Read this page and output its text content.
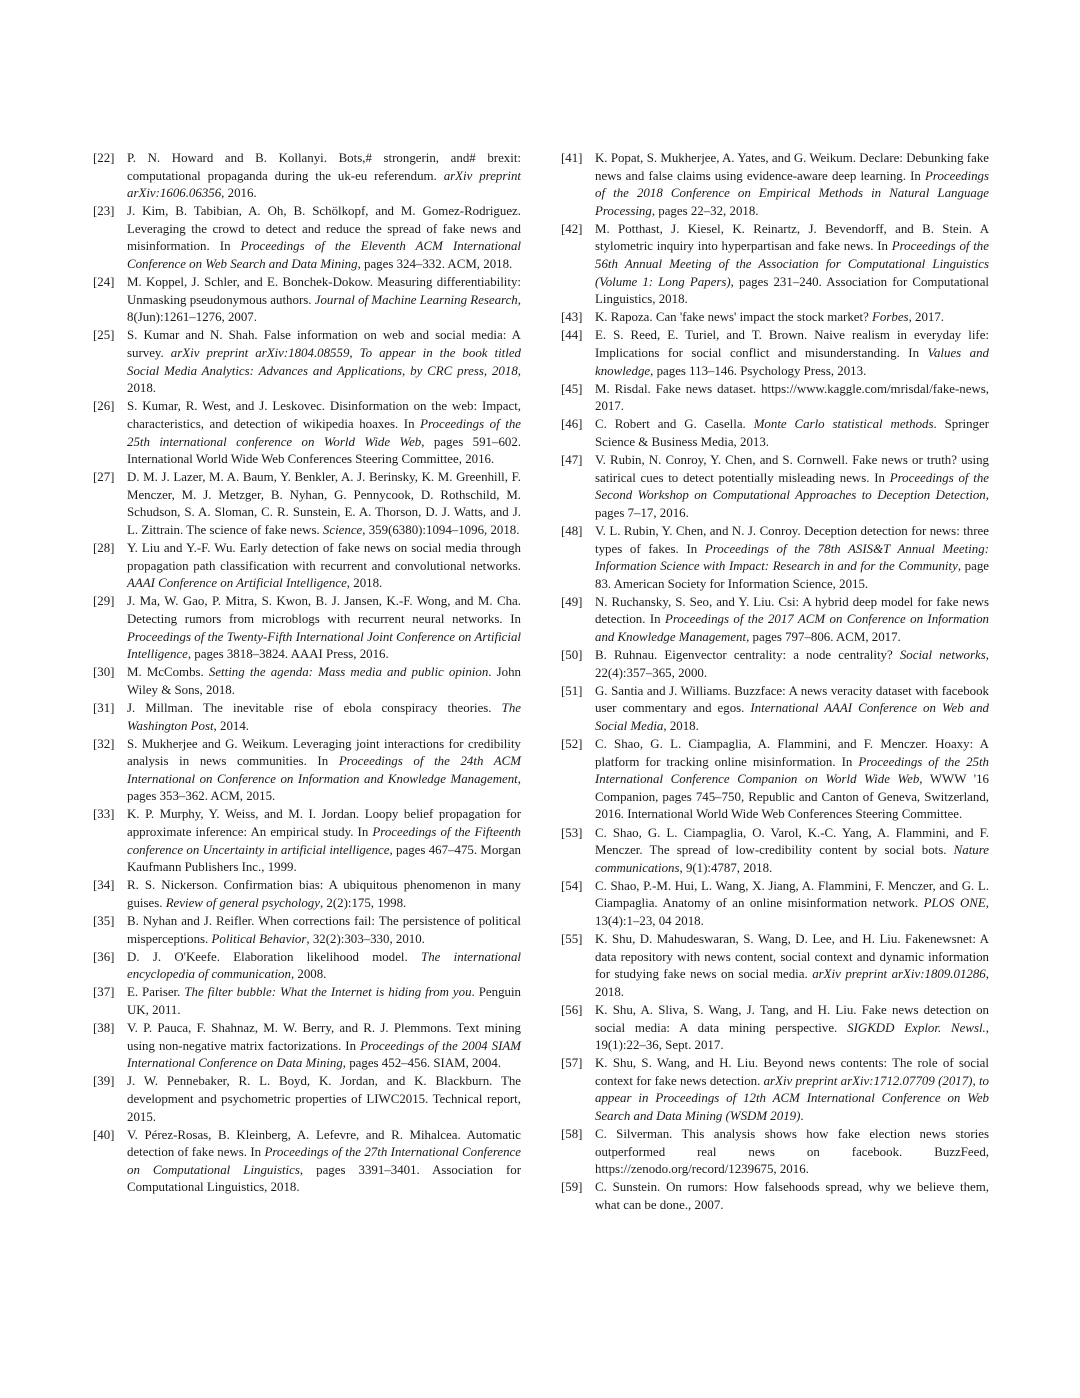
[22] P. N. Howard and B. Kollanyi. Bots,# strongerin, and# brexit: computational propaganda during the uk-eu referendum. arXiv preprint arXiv:1606.06356, 2016.
[23] J. Kim, B. Tabibian, A. Oh, B. Schölkopf, and M. Gomez-Rodriguez. Leveraging the crowd to detect and reduce the spread of fake news and misinformation. In Proceedings of the Eleventh ACM International Conference on Web Search and Data Mining, pages 324–332. ACM, 2018.
[24] M. Koppel, J. Schler, and E. Bonchek-Dokow. Measuring differentiability: Unmasking pseudonymous authors. Journal of Machine Learning Research, 8(Jun):1261–1276, 2007.
[25] S. Kumar and N. Shah. False information on web and social media: A survey. arXiv preprint arXiv:1804.08559, To appear in the book titled Social Media Analytics: Advances and Applications, by CRC press, 2018, 2018.
[26] S. Kumar, R. West, and J. Leskovec. Disinformation on the web: Impact, characteristics, and detection of wikipedia hoaxes. In Proceedings of the 25th international conference on World Wide Web, pages 591–602. International World Wide Web Conferences Steering Committee, 2016.
[27] D. M. J. Lazer, M. A. Baum, Y. Benkler, A. J. Berinsky, K. M. Greenhill, F. Menczer, M. J. Metzger, B. Nyhan, G. Pennycook, D. Rothschild, M. Schudson, S. A. Sloman, C. R. Sunstein, E. A. Thorson, D. J. Watts, and J. L. Zittrain. The science of fake news. Science, 359(6380):1094–1096, 2018.
[28] Y. Liu and Y.-F. Wu. Early detection of fake news on social media through propagation path classification with recurrent and convolutional networks. AAAI Conference on Artificial Intelligence, 2018.
[29] J. Ma, W. Gao, P. Mitra, S. Kwon, B. J. Jansen, K.-F. Wong, and M. Cha. Detecting rumors from microblogs with recurrent neural networks. In Proceedings of the Twenty-Fifth International Joint Conference on Artificial Intelligence, pages 3818–3824. AAAI Press, 2016.
[30] M. McCombs. Setting the agenda: Mass media and public opinion. John Wiley & Sons, 2018.
[31] J. Millman. The inevitable rise of ebola conspiracy theories. The Washington Post, 2014.
[32] S. Mukherjee and G. Weikum. Leveraging joint interactions for credibility analysis in news communities. In Proceedings of the 24th ACM International on Conference on Information and Knowledge Management, pages 353–362. ACM, 2015.
[33] K. P. Murphy, Y. Weiss, and M. I. Jordan. Loopy belief propagation for approximate inference: An empirical study. In Proceedings of the Fifteenth conference on Uncertainty in artificial intelligence, pages 467–475. Morgan Kaufmann Publishers Inc., 1999.
[34] R. S. Nickerson. Confirmation bias: A ubiquitous phenomenon in many guises. Review of general psychology, 2(2):175, 1998.
[35] B. Nyhan and J. Reifler. When corrections fail: The persistence of political misperceptions. Political Behavior, 32(2):303–330, 2010.
[36] D. J. O'Keefe. Elaboration likelihood model. The international encyclopedia of communication, 2008.
[37] E. Pariser. The filter bubble: What the Internet is hiding from you. Penguin UK, 2011.
[38] V. P. Pauca, F. Shahnaz, M. W. Berry, and R. J. Plemmons. Text mining using non-negative matrix factorizations. In Proceedings of the 2004 SIAM International Conference on Data Mining, pages 452–456. SIAM, 2004.
[39] J. W. Pennebaker, R. L. Boyd, K. Jordan, and K. Blackburn. The development and psychometric properties of LIWC2015. Technical report, 2015.
[40] V. Pérez-Rosas, B. Kleinberg, A. Lefevre, and R. Mihalcea. Automatic detection of fake news. In Proceedings of the 27th International Conference on Computational Linguistics, pages 3391–3401. Association for Computational Linguistics, 2018.
[41] K. Popat, S. Mukherjee, A. Yates, and G. Weikum. Declare: Debunking fake news and false claims using evidence-aware deep learning. In Proceedings of the 2018 Conference on Empirical Methods in Natural Language Processing, pages 22–32, 2018.
[42] M. Potthast, J. Kiesel, K. Reinartz, J. Bevendorff, and B. Stein. A stylometric inquiry into hyperpartisan and fake news. In Proceedings of the 56th Annual Meeting of the Association for Computational Linguistics (Volume 1: Long Papers), pages 231–240. Association for Computational Linguistics, 2018.
[43] K. Rapoza. Can 'fake news' impact the stock market? Forbes, 2017.
[44] E. S. Reed, E. Turiel, and T. Brown. Naive realism in everyday life: Implications for social conflict and misunderstanding. In Values and knowledge, pages 113–146. Psychology Press, 2013.
[45] M. Risdal. Fake news dataset. https://www.kaggle.com/mrisdal/fake-news, 2017.
[46] C. Robert and G. Casella. Monte Carlo statistical methods. Springer Science & Business Media, 2013.
[47] V. Rubin, N. Conroy, Y. Chen, and S. Cornwell. Fake news or truth? using satirical cues to detect potentially misleading news. In Proceedings of the Second Workshop on Computational Approaches to Deception Detection, pages 7–17, 2016.
[48] V. L. Rubin, Y. Chen, and N. J. Conroy. Deception detection for news: three types of fakes. In Proceedings of the 78th ASIS&T Annual Meeting: Information Science with Impact: Research in and for the Community, page 83. American Society for Information Science, 2015.
[49] N. Ruchansky, S. Seo, and Y. Liu. Csi: A hybrid deep model for fake news detection. In Proceedings of the 2017 ACM on Conference on Information and Knowledge Management, pages 797–806. ACM, 2017.
[50] B. Ruhnau. Eigenvector centrality: a node centrality? Social networks, 22(4):357–365, 2000.
[51] G. Santia and J. Williams. Buzzface: A news veracity dataset with facebook user commentary and egos. International AAAI Conference on Web and Social Media, 2018.
[52] C. Shao, G. L. Ciampaglia, A. Flammini, and F. Menczer. Hoaxy: A platform for tracking online misinformation. In Proceedings of the 25th International Conference Companion on World Wide Web, WWW '16 Companion, pages 745–750, Republic and Canton of Geneva, Switzerland, 2016. International World Wide Web Conferences Steering Committee.
[53] C. Shao, G. L. Ciampaglia, O. Varol, K.-C. Yang, A. Flammini, and F. Menczer. The spread of low-credibility content by social bots. Nature communications, 9(1):4787, 2018.
[54] C. Shao, P.-M. Hui, L. Wang, X. Jiang, A. Flammini, F. Menczer, and G. L. Ciampaglia. Anatomy of an online misinformation network. PLOS ONE, 13(4):1–23, 04 2018.
[55] K. Shu, D. Mahudeswaran, S. Wang, D. Lee, and H. Liu. Fakenewsnet: A data repository with news content, social context and dynamic information for studying fake news on social media. arXiv preprint arXiv:1809.01286, 2018.
[56] K. Shu, A. Sliva, S. Wang, J. Tang, and H. Liu. Fake news detection on social media: A data mining perspective. SIGKDD Explor. Newsl., 19(1):22–36, Sept. 2017.
[57] K. Shu, S. Wang, and H. Liu. Beyond news contents: The role of social context for fake news detection. arXiv preprint arXiv:1712.07709 (2017), to appear in Proceedings of 12th ACM International Conference on Web Search and Data Mining (WSDM 2019).
[58] C. Silverman. This analysis shows how fake election news stories outperformed real news on facebook. BuzzFeed, https://zenodo.org/record/1239675, 2016.
[59] C. Sunstein. On rumors: How falsehoods spread, why we believe them, what can be done., 2007.
